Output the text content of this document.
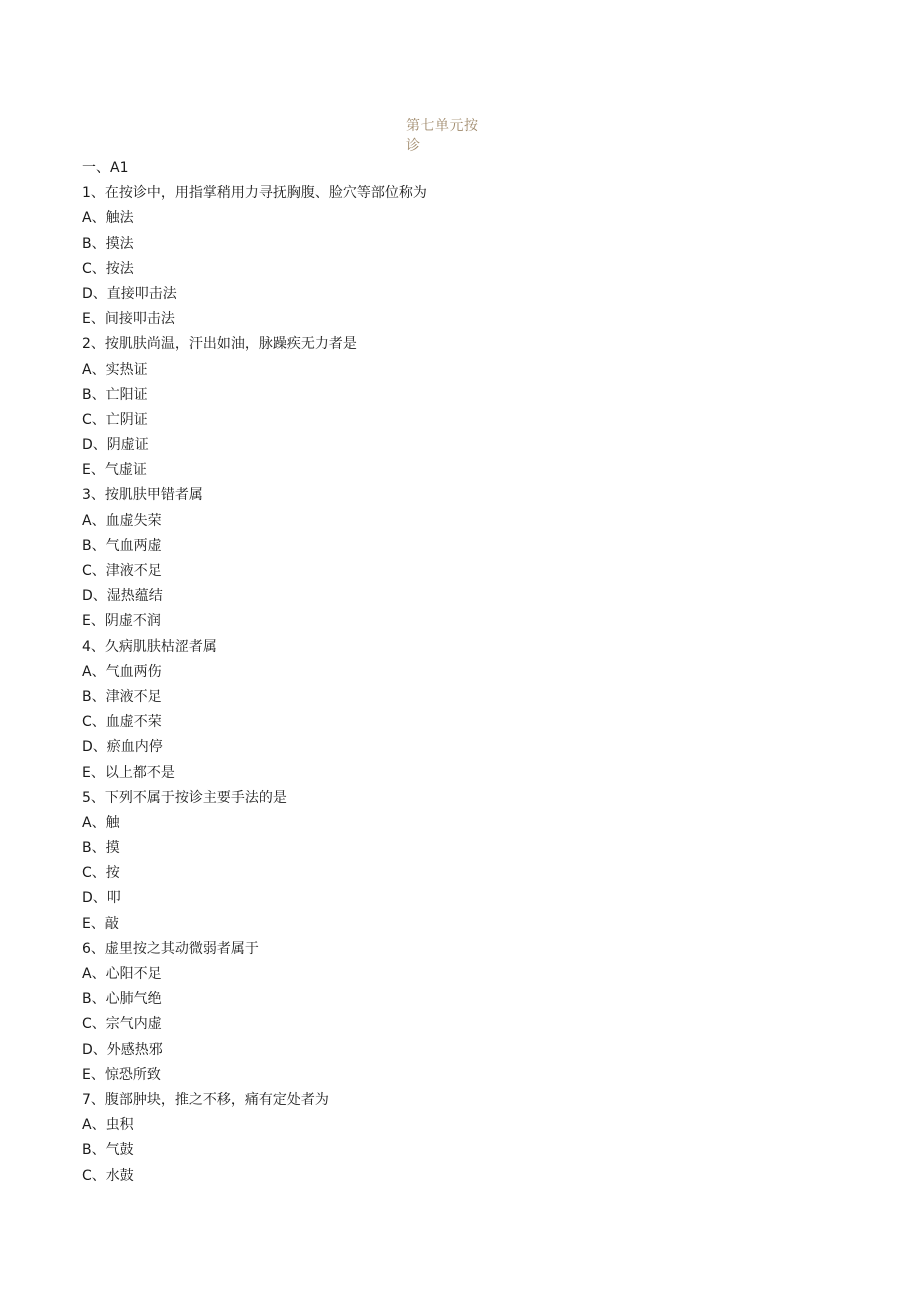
第七单元按诊
一、A1
1、在按诊中，用指掌稍用力寻抚胸腹、脸穴等部位称为
A、触法
B、摸法
C、按法
D、直接叩击法
E、间接叩击法
2、按肌肤尚温，汗出如油，脉躁疾无力者是
A、实热证
B、亡阳证
C、亡阴证
D、阴虚证
E、气虚证
3、按肌肤甲错者属
A、血虚失荣
B、气血两虚
C、津液不足
D、湿热蕴结
E、阴虚不润
4、久病肌肤枯涩者属
A、气血两伤
B、津液不足
C、血虚不荣
D、瘀血内停
E、以上都不是
5、下列不属于按诊主要手法的是
A、触
B、摸
C、按
D、叩
E、敲
6、虚里按之其动微弱者属于
A、心阳不足
B、心肺气绝
C、宗气内虚
D、外感热邪
E、惊恐所致
7、腹部肿块，推之不移，痛有定处者为
A、虫积
B、气鼓
C、水鼓
